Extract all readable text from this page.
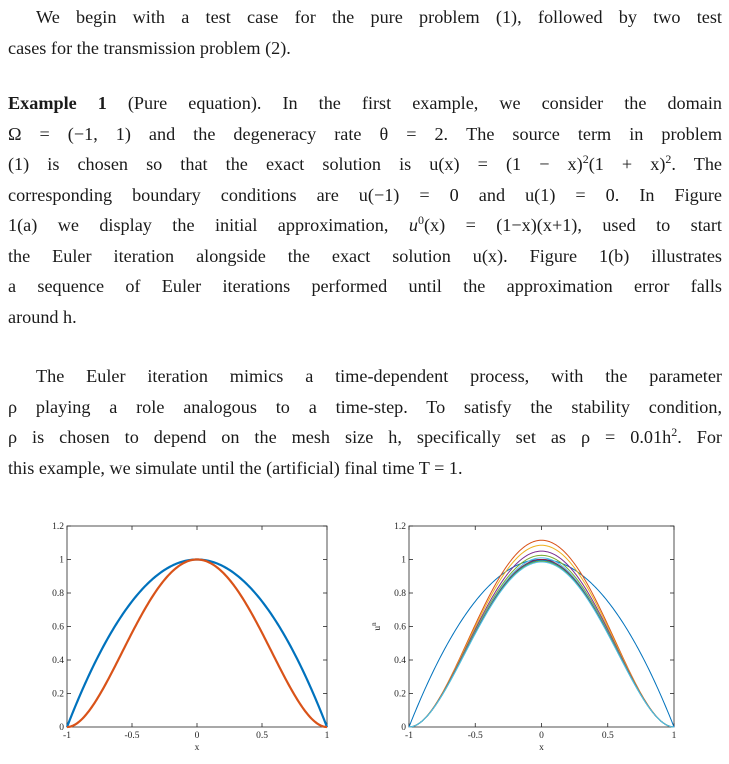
We begin with a test case for the pure problem (1), followed by two test
cases for the transmission problem (2).
Example 1 (Pure equation). In the first example, we consider the domain
Ω = (−1, 1) and the degeneracy rate θ = 2. The source term in problem
(1) is chosen so that the exact solution is $u(x) = (1 - x)^2(1 + x)^2$. The
corresponding boundary conditions are u(−1) = 0 and u(1) = 0. In Figure
1(a) we display the initial approximation, $u^0(x) = (1-x)(x+1)$, used to start
the Euler iteration alongside the exact solution u(x). Figure 1(b) illustrates
a sequence of Euler iterations performed until the approximation error falls
around h.
The Euler iteration mimics a time-dependent process, with the parameter
ρ playing a role analogous to a time-step. To satisfy the stability condition,
ρ is chosen to depend on the mesh size h, specifically set as $\rho = 0.01h^2$. For
this example, we simulate until the (artificial) final time T = 1.
-1	-0.5	0	0.5	1
0
0.2
0.4
0.6
0.8
1
1.2
x
-1	-0.5	0	0.5	1
0
0.2
0.4
0.6
0.8
1
1.2
x
$u^n$
